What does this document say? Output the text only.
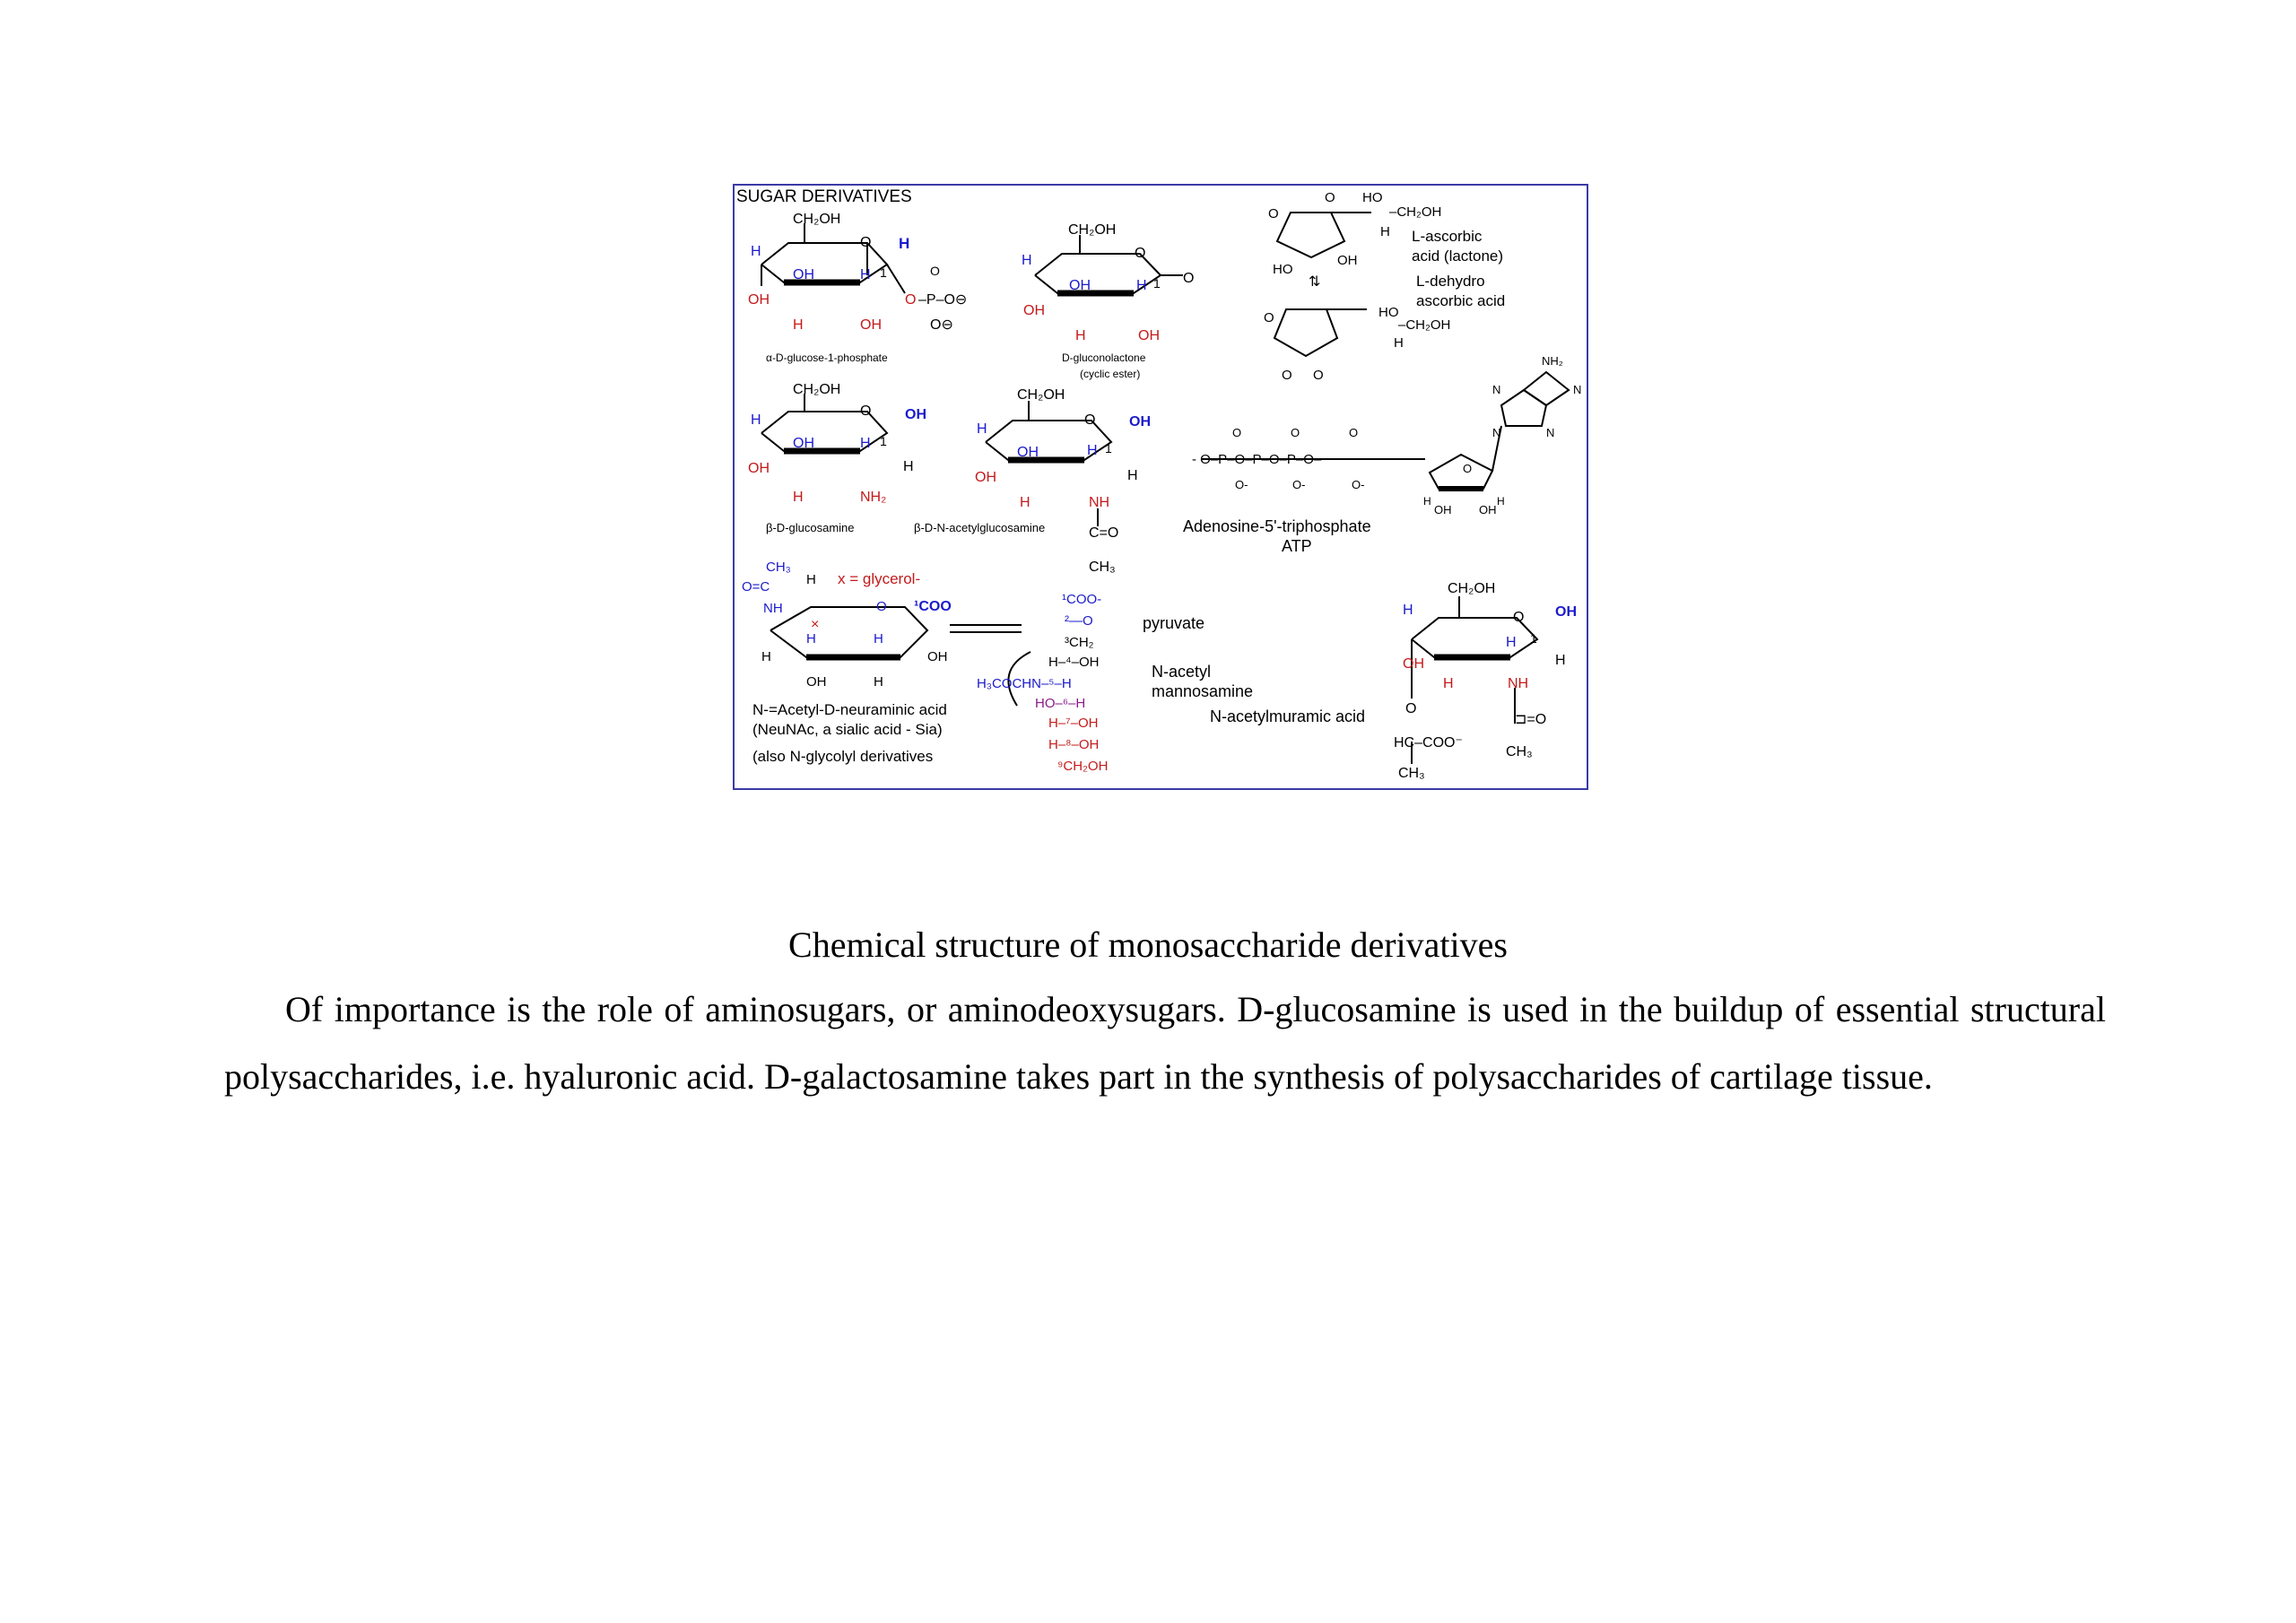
SUGAR DERIVATIVES
CH₂OH
O H
H
OH	H 1
OH
H	OH
O –P–O⊖
O⊖
O
α-D-glucose-1-phosphate
CH₂OH
O
H
OH	H 1 O
OH
H	OH
D-gluconolactone
(cyclic ester)
O
O HO
–CH₂OH
H
HO
OH
L-ascorbic
acid (lactone)
⇅	L-dehydro
ascorbic acid
HO
–CH₂OH
H
O
O
O
CH₂OH
O OH
H
OH	H 1
H
OH
H	NH₂
β-D-glucosamine
CH₂OH
O OH
H
OH	H 1
H
OH
H	NH
C=O
CH₃
β-D-N-acetylglucosamine
- O–P–O–P–O–P–O–
O	O	O
O-	O-	O-
O
OH OH
H	H
NH₂
N	N
N	N
Adenosine-5'-triphosphate
ATP
CH₃
O=C
NH
H x = glycerol-
O ¹COO
×
H	H
OH
H
OH	H
N-=Acetyl-D-neuraminic acid
(NeuNAc, a sialic acid - Sia)
(also N-glycolyl derivatives
¹COO-
²—O
³CH₂
H–⁴–OH
H₃COCHN–⁵–H
HO–⁶–H
H–⁷–OH
H–⁸–OH
⁹CH₂OH
pyruvate
N-acetyl
mannosamine
N-acetylmuramic acid
CH₂OH
O OH
H
H 1
H
OH
H	NH
⊐=O
CH₃
O
HC–COO⁻
CH₃
Chemical structure of monosaccharide derivatives

Of importance is the role of aminosugars, or aminodeoxysugars. D-glucosamine is used in the buildup of essential structural polysaccharides, i.e. hyaluronic acid. D-galactosamine takes part in the synthesis of polysaccharides of cartilage tissue.
